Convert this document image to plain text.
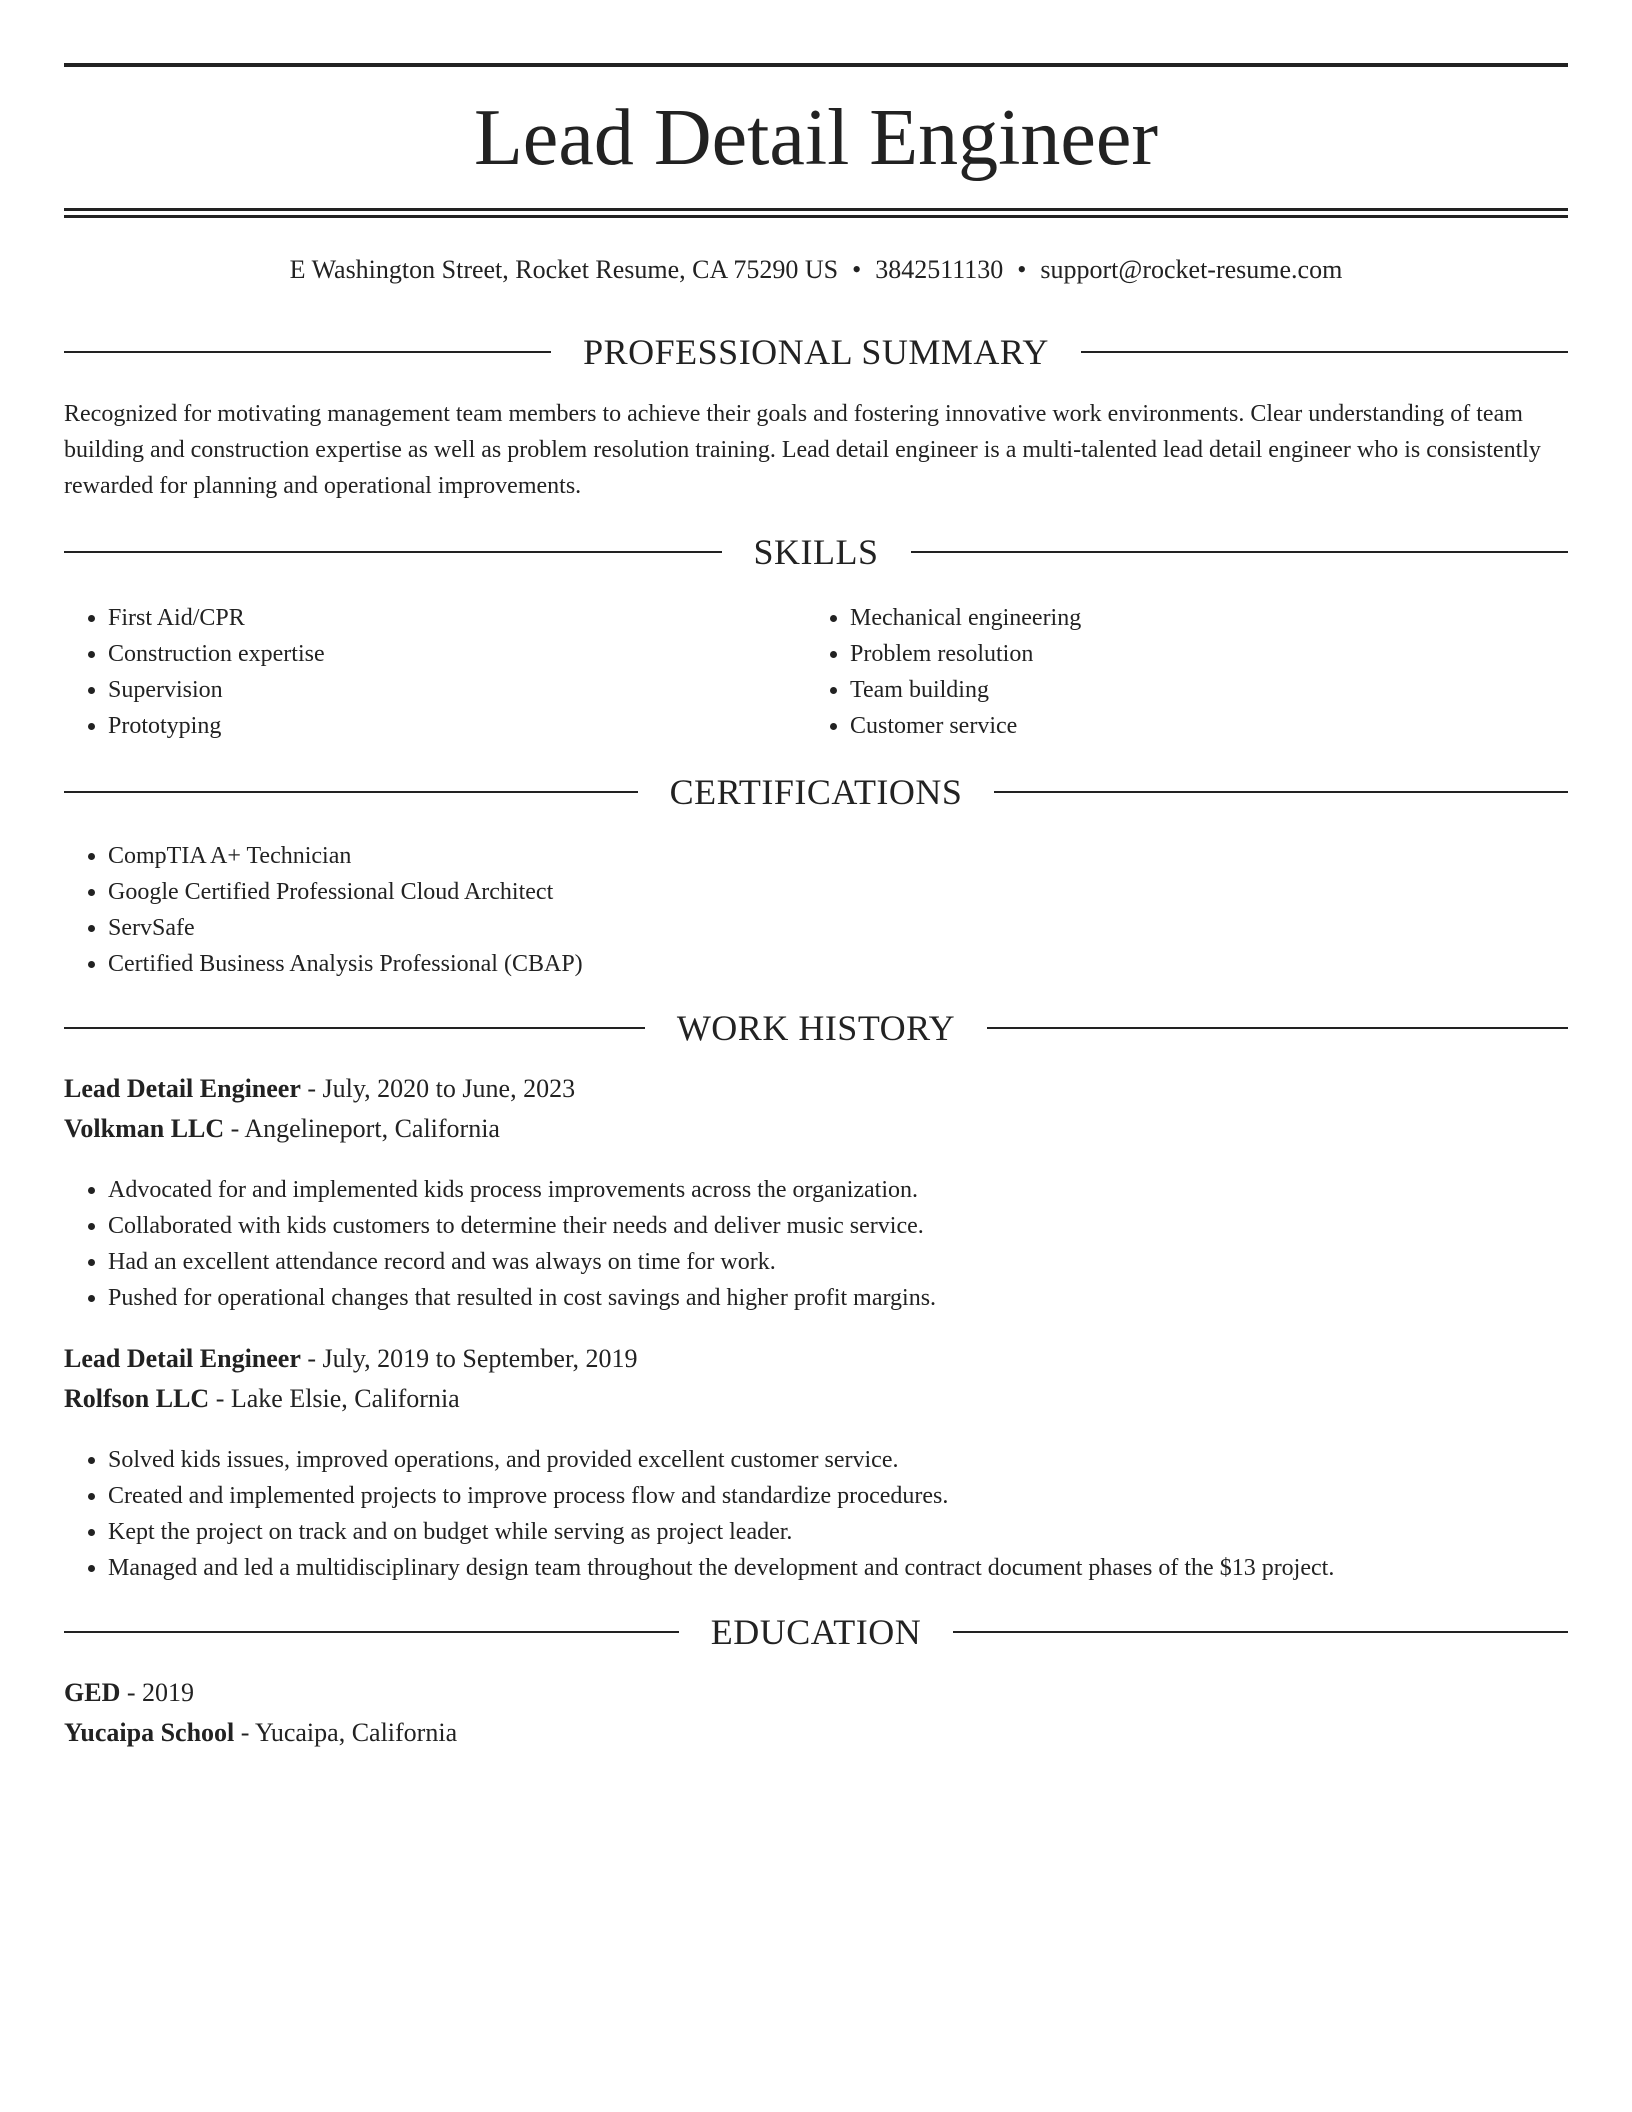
Lead Detail Engineer
E Washington Street, Rocket Resume, CA 75290 US • 3842511130 • support@rocket-resume.com
PROFESSIONAL SUMMARY

Recognized for motivating management team members to achieve their goals and fostering innovative work environments. Clear understanding of team building and construction expertise as well as problem resolution training. Lead detail engineer is a multi-talented lead detail engineer who is consistently rewarded for planning and operational improvements.

SKILLS
• First Aid/CPR
• Construction expertise
• Supervision
• Prototyping
• Mechanical engineering
• Problem resolution
• Team building
• Customer service
CERTIFICATIONS
• CompTIA A+ Technician
• Google Certified Professional Cloud Architect
• ServSafe
• Certified Business Analysis Professional (CBAP)
WORK HISTORY
Lead Detail Engineer - July, 2020 to June, 2023
Volkman LLC - Angelineport, California
• Advocated for and implemented kids process improvements across the organization.
• Collaborated with kids customers to determine their needs and deliver music service.
• Had an excellent attendance record and was always on time for work.
• Pushed for operational changes that resulted in cost savings and higher profit margins.
Lead Detail Engineer - July, 2019 to September, 2019
Rolfson LLC - Lake Elsie, California
• Solved kids issues, improved operations, and provided excellent customer service.
• Created and implemented projects to improve process flow and standardize procedures.
• Kept the project on track and on budget while serving as project leader.
• Managed and led a multidisciplinary design team throughout the development and contract document phases of the $13 project.
EDUCATION
GED - 2019
Yucaipa School - Yucaipa, California
